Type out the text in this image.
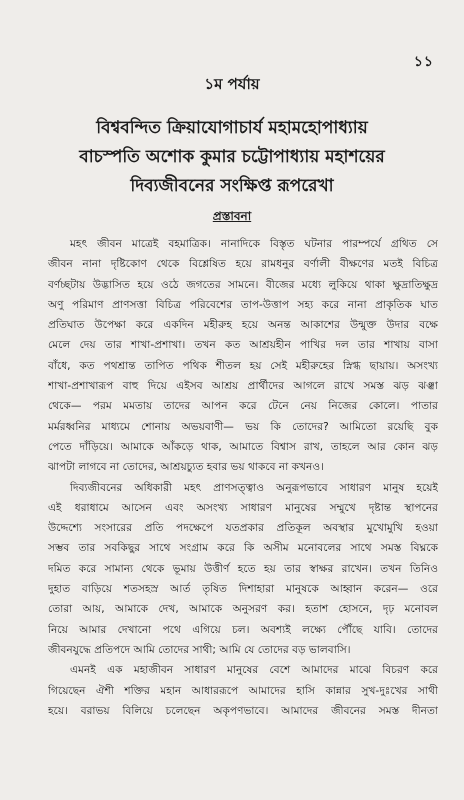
১১
১ম পর্যায়
বিশ্ববন্দিত ক্রিয়াযোগাচার্য মহামহোপাধ্যায়
বাচস্পতি অশোক কুমার চট্টোপাধ্যায় মহাশয়ের
দিব্যজীবনের সংক্ষিপ্ত রূপরেখা
প্রস্তাবনা
মহৎ জীবন মাত্রেই বহমাত্রিক। নানাদিকে বিস্তৃত ঘটনার পারম্পর্যে গ্রথিত সে
জীবন নানা দৃষ্টিকোণ থেকে বিশ্লেষিত হয়ে রামধনুর বর্ণালী বীক্ষণের মতই বিচিত্র
বর্ণচ্ছটায় উদ্ভাসিত হয়ে ওঠে জগতের সামনে। বীজের মধ্যে লুকিয়ে থাকা ক্ষুদ্রাতিক্ষুদ্র
অণু পরিমাণ প্রাণসত্তা বিচিত্র পরিবেশের তাপ-উত্তাপ সহ্য করে নানা প্রাকৃতিক ঘাত
প্রতিঘাত উপেক্ষা করে একদিন মহীরুহ হয়ে অনন্ত আকাশের উন্মুক্ত উদার বক্ষে
মেলে দেয় তার শাখা-প্রশাখা। তখন কত আশ্রয়হীন পাখির দল তার শাখায় বাসা
বাঁধে, কত পথশ্রান্ত তাপিত পথিক শীতল হয় সেই মহীরুহের স্নিগ্ধ ছায়ায়। অসংখ্য
শাখা-প্রশাখারূপ বাহু দিয়ে এইসব আশ্রয় প্রার্থীদের আগলে রাখে সমস্ত ঝড় ঝঞ্ঝা
থেকে— পরম মমতায় তাদের আপন করে টেনে নেয় নিজের কোলে। পাতার
মর্মরধ্বনির মাধ্যমে শোনায় অভয়বাণী— ভয় কি তোদের? আমিতো রয়েছি বুক
পেতে দাঁড়িয়ে। আমাকে আঁকড়ে থাক, আমাতে বিশ্বাস রাখ, তাহলে আর কোন ঝড়
ঝাপটা লাগবে না তোদের, আশ্রয়চ্যুত হবার ভয় থাকবে না কখনও।
দিব্যজীবনের অধিকারী মহৎ প্রাণসত্ত্বাও অনুরূপভাবে সাধারণ মানুষ হয়েই
এই ধরাধামে আসেন এবং অসংখ্য সাধারণ মানুষের সম্মুখে দৃষ্টান্ত স্থাপনের
উদ্দেশ্যে সংসারের প্রতি পদক্ষেপে যতপ্রকার প্রতিকূল অবস্থার মুখোমুখি হওয়া
সম্ভব তার সবকিছুর সাথে সংগ্রাম করে কি অসীম মনোবলের সাথে সমস্ত বিঘ্নকে
দমিত করে সামান্য থেকে ভূমায় উত্তীর্ণ হতে হয় তার স্বাক্ষর রাখেন। তখন তিনিও
দুহাত বাড়িয়ে শতসহস্র আর্ত তৃষিত দিশাহারা মানুষকে আহ্বান করেন— ওরে
তোরা আয়, আমাকে দেখ, আমাকে অনুসরণ কর। হতাশ হোসনে, দৃঢ় মনোবল
নিয়ে আমার দেখানো পথে এগিয়ে চল। অবশ্যই লক্ষ্যে পৌঁছে যাবি। তোদের
জীবনযুদ্ধে প্রতিপদে আমি তোদের সাথী; আমি যে তোদের বড় ভালবাসি।
এমনই এক মহাজীবন সাধারণ মানুষের বেশে আমাদের মাঝে বিচরণ করে
গিয়েছেন ঐশী শক্তির মহান আধাররূপে আমাদের হাসি কান্নার সুখ-দুঃখের সাথী
হয়ে। বরাভয় বিলিয়ে চলেছেন অকৃপণভাবে। আমাদের জীবনের সমস্ত দীনতা
